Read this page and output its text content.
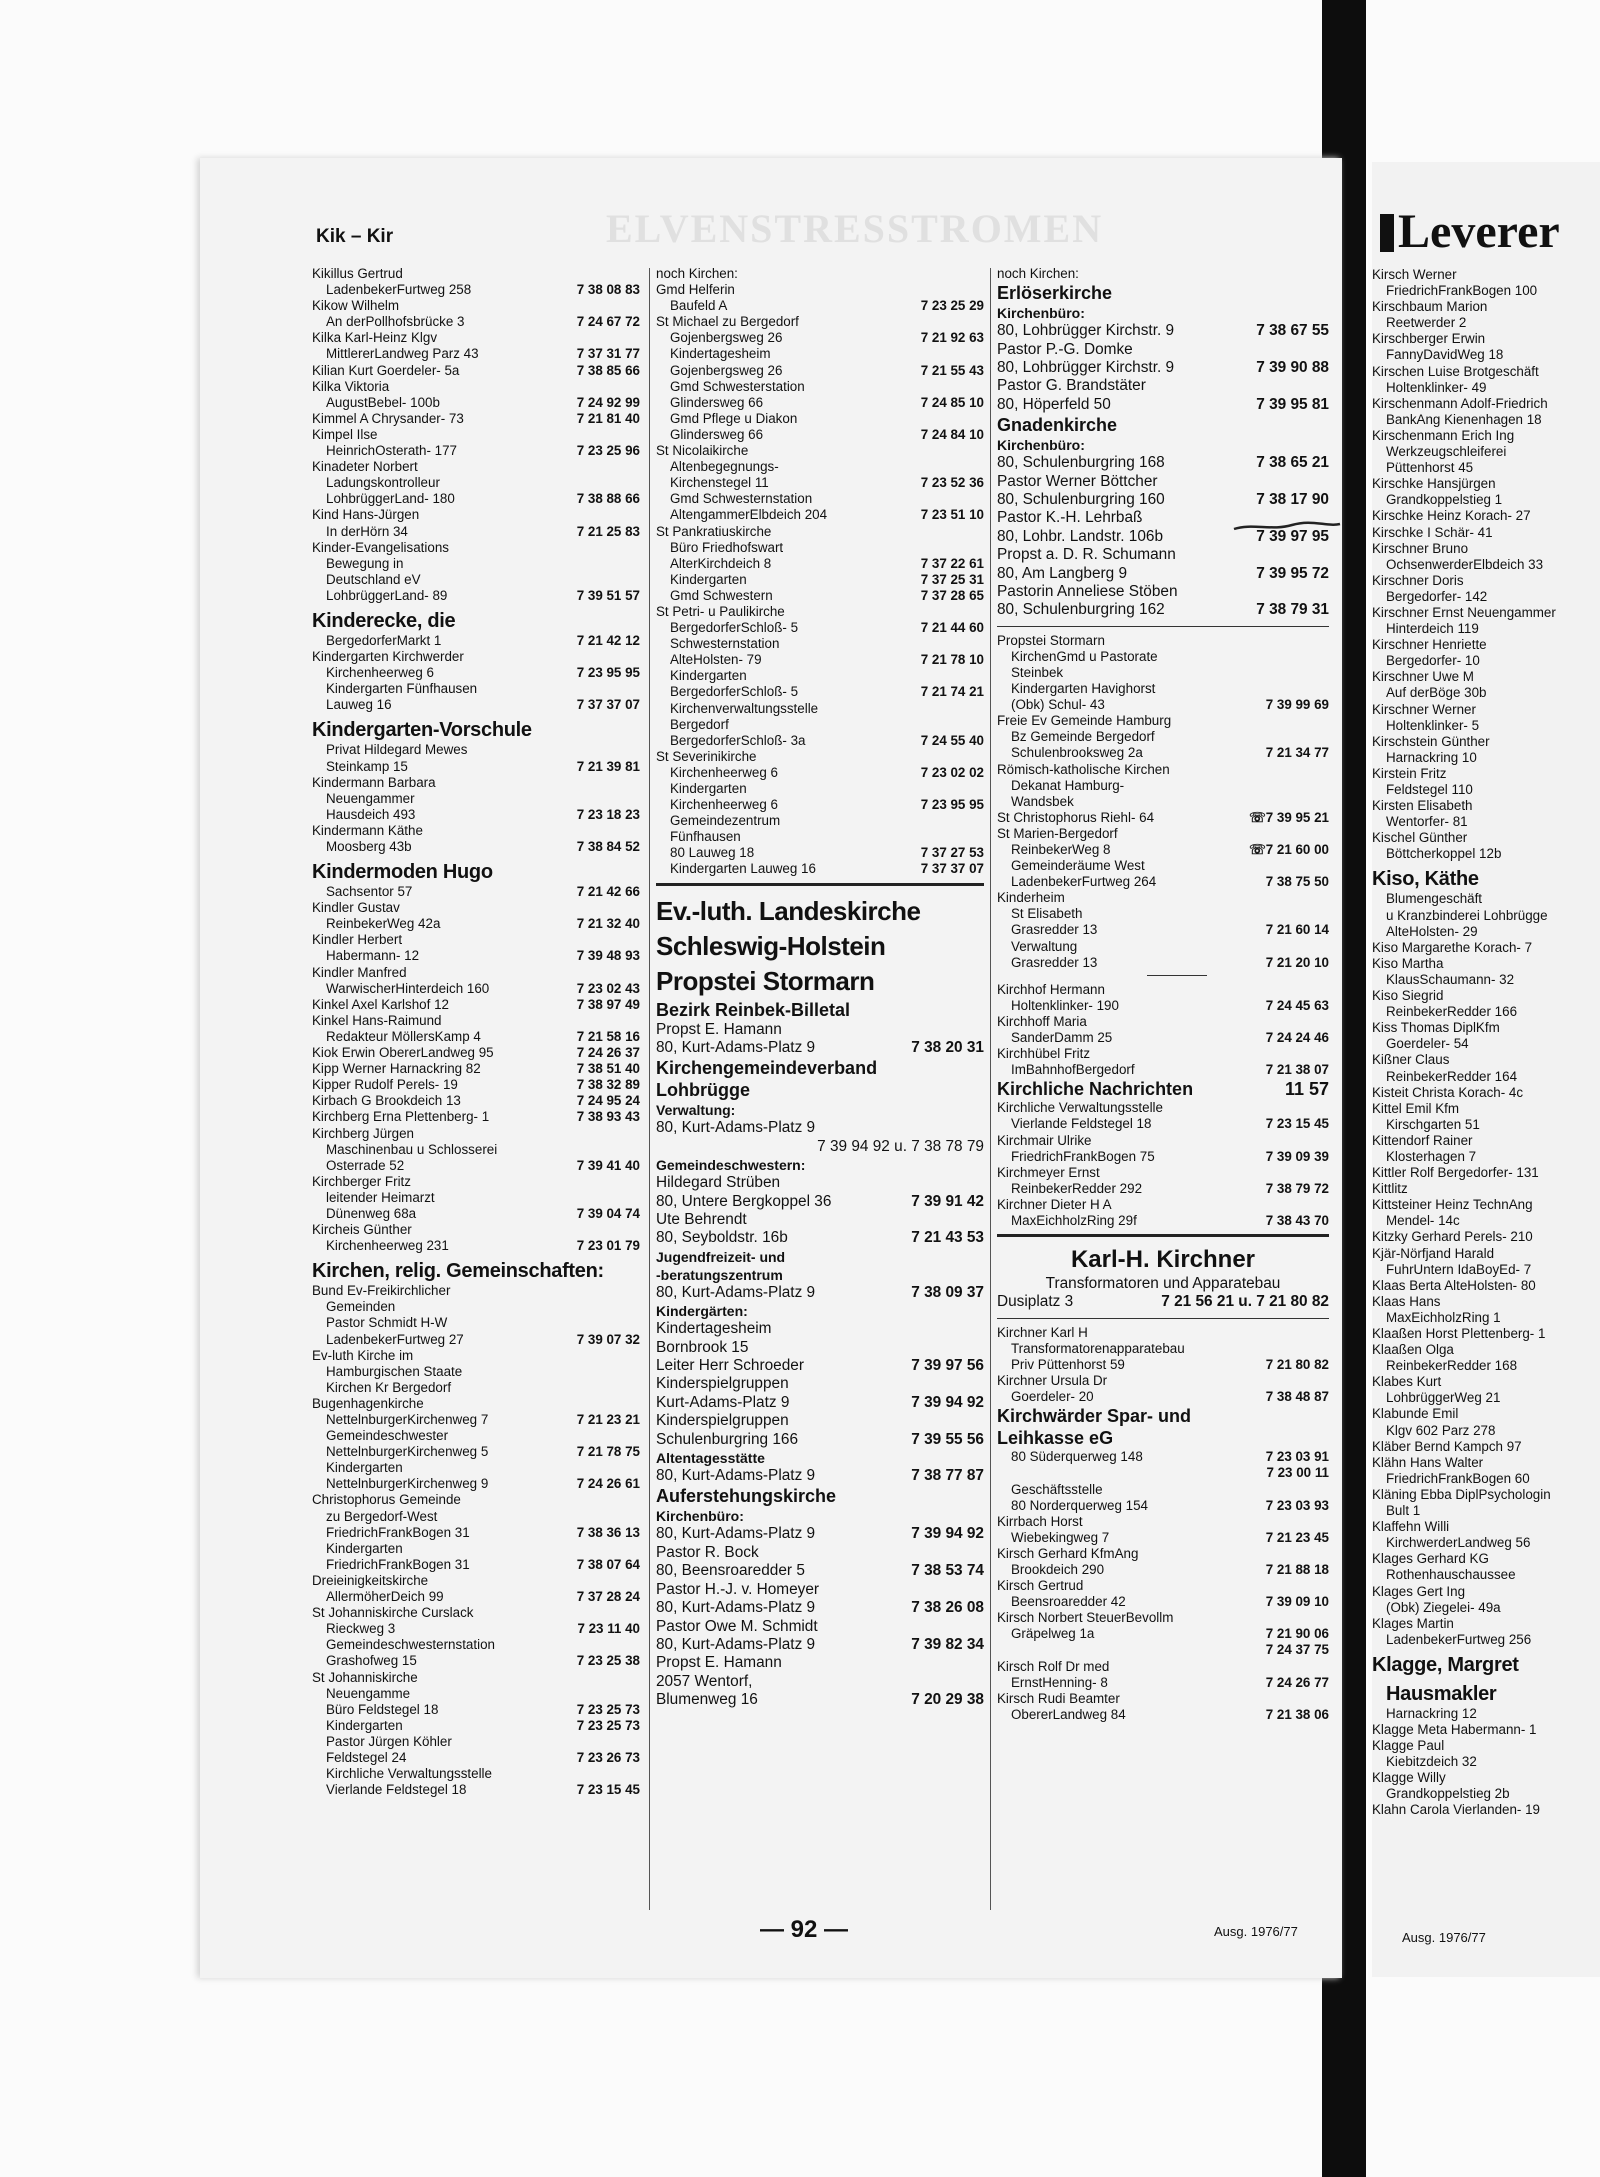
ELVENSTRESSTROMEN
Kik – Kir
Kikillus Gertrud
LadenbekerFurtweg 258	7 38 08 83
Kikow Wilhelm
An derPollhofsbrücke 3	7 24 67 72
Kilka Karl-Heinz Klgv
MittlererLandweg Parz 43	7 37 31 77
Kilian Kurt Goerdeler- 5a	7 38 85 66
Kilka Viktoria
AugustBebel- 100b	7 24 92 99
Kimmel A Chrysander- 73	7 21 81 40
Kimpel Ilse
HeinrichOsterath- 177	7 23 25 96
Kinadeter Norbert
Ladungskontrolleur
LohbrüggerLand- 180	7 38 88 66
Kind Hans-Jürgen
In derHörn 34	7 21 25 83
Kinder-Evangelisations
Bewegung in
Deutschland eV
LohbrüggerLand- 89	7 39 51 57
Kinderecke, die
BergedorferMarkt 1	7 21 42 12
Kindergarten Kirchwerder
Kirchenheerweg 6	7 23 95 95
Kindergarten Fünfhausen
Lauweg 16	7 37 37 07
Kindergarten-Vorschule
Privat Hildegard Mewes
Steinkamp 15	7 21 39 81
Kindermann Barbara
Neuengammer
Hausdeich 493	7 23 18 23
Kindermann Käthe
Moosberg 43b	7 38 84 52
Kindermoden Hugo
Sachsentor 57	7 21 42 66
Kindler Gustav
ReinbekerWeg 42a	7 21 32 40
Kindler Herbert
Habermann- 12	7 39 48 93
Kindler Manfred
WarwischerHinterdeich 160	7 23 02 43
Kinkel Axel Karlshof 12	7 38 97 49
Kinkel Hans-Raimund
Redakteur MöllersKamp 4	7 21 58 16
Kiok Erwin ObererLandweg 95	7 24 26 37
Kipp Werner Harnackring 82	7 38 51 40
Kipper Rudolf Perels- 19	7 38 32 89
Kirbach G Brookdeich 13	7 24 95 24
Kirchberg Erna Plettenberg- 1	7 38 93 43
Kirchberg Jürgen
Maschinenbau u Schlosserei
Osterrade 52	7 39 41 40
Kirchberger Fritz
leitender Heimarzt
Dünenweg 68a	7 39 04 74
Kircheis Günther
Kirchenheerweg 231	7 23 01 79
Kirchen, relig. Gemeinschaften:
Bund Ev-Freikirchlicher
Gemeinden
Pastor Schmidt H-W
LadenbekerFurtweg 27	7 39 07 32
Ev-luth Kirche im
Hamburgischen Staate
Kirchen Kr Bergedorf
Bugenhagenkirche
NettelnburgerKirchenweg 7	7 21 23 21
Gemeindeschwester
NettelnburgerKirchenweg 5	7 21 78 75
Kindergarten
NettelnburgerKirchenweg 9	7 24 26 61
Christophorus Gemeinde
zu Bergedorf-West
FriedrichFrankBogen 31	7 38 36 13
Kindergarten
FriedrichFrankBogen 31	7 38 07 64
Dreieinigkeitskirche
AllermöherDeich 99	7 37 28 24
St Johanniskirche Curslack
Rieckweg 3	7 23 11 40
Gemeindeschwesternstation
Grashofweg 15	7 23 25 38
St Johanniskirche
Neuengamme
Büro Feldstegel 18	7 23 25 73
Kindergarten	7 23 25 73
Pastor Jürgen Köhler
Feldstegel 24	7 23 26 73
Kirchliche Verwaltungsstelle
Vierlande Feldstegel 18	7 23 15 45
noch Kirchen:
Gmd Helferin
Baufeld A	7 23 25 29
St Michael zu Bergedorf
Gojenbergsweg 26	7 21 92 63
Kindertagesheim
Gojenbergsweg 26	7 21 55 43
Gmd Schwesterstation
Glindersweg 66	7 24 85 10
Gmd Pflege u Diakon
Glindersweg 66	7 24 84 10
St Nicolaikirche
Altenbegegnungs-
Kirchenstegel 11	7 23 52 36
Gmd Schwesternstation
AltengammerElbdeich 204	7 23 51 10
St Pankratiuskirche
Büro Friedhofswart
AlterKirchdeich 8	7 37 22 61
Kindergarten	7 37 25 31
Gmd Schwestern	7 37 28 65
St Petri- u Paulikirche
BergedorferSchloß- 5	7 21 44 60
Schwesternstation
AlteHolsten- 79	7 21 78 10
Kindergarten
BergedorferSchloß- 5	7 21 74 21
Kirchenverwaltungsstelle
Bergedorf
BergedorferSchloß- 3a	7 24 55 40
St Severinikirche
Kirchenheerweg 6	7 23 02 02
Kindergarten
Kirchenheerweg 6	7 23 95 95
Gemeindezentrum
Fünfhausen
80 Lauweg 18	7 37 27 53
Kindergarten Lauweg 16	7 37 37 07
Ev.-luth. Landeskirche
Schleswig-Holstein
Propstei Stormarn
Bezirk Reinbek-Billetal
Propst E. Hamann
80, Kurt-Adams-Platz 9	7 38 20 31
Kirchengemeindeverband
Lohbrügge
Verwaltung:
80, Kurt-Adams-Platz 9
7 39 94 92 u. 7 38 78 79
Gemeindeschwestern:
Hildegard Strüben
80, Untere Bergkoppel 36	7 39 91 42
Ute Behrendt
80, Seyboldstr. 16b	7 21 43 53
Jugendfreizeit- und
-beratungszentrum
80, Kurt-Adams-Platz 9	7 38 09 37
Kindergärten:
Kindertagesheim
Bornbrook 15
Leiter Herr Schroeder	7 39 97 56
Kinderspielgruppen
Kurt-Adams-Platz 9	7 39 94 92
Kinderspielgruppen
Schulenburgring 166	7 39 55 56
Altentagesstätte
80, Kurt-Adams-Platz 9	7 38 77 87
Auferstehungskirche
Kirchenbüro:
80, Kurt-Adams-Platz 9	7 39 94 92
Pastor R. Bock
80, Beensroaredder 5	7 38 53 74
Pastor H.-J. v. Homeyer
80, Kurt-Adams-Platz 9	7 38 26 08
Pastor Owe M. Schmidt
80, Kurt-Adams-Platz 9	7 39 82 34
Propst E. Hamann
2057 Wentorf,
Blumenweg 16	7 20 29 38
noch Kirchen:
Erlöserkirche
Kirchenbüro:
80, Lohbrügger Kirchstr. 9	7 38 67 55
Pastor P.-G. Domke
80, Lohbrügger Kirchstr. 9	7 39 90 88
Pastor G. Brandstäter
80, Höperfeld 50	7 39 95 81
Gnadenkirche
Kirchenbüro:
80, Schulenburgring 168	7 38 65 21
Pastor Werner Böttcher
80, Schulenburgring 160	7 38 17 90
Pastor K.-H. Lehrbaß
80, Lohbr. Landstr. 106b	7 39 97 95
Propst a. D. R. Schumann
80, Am Langberg 9	7 39 95 72
Pastorin Anneliese Stöben
80, Schulenburgring 162	7 38 79 31
Propstei Stormarn
KirchenGmd u Pastorate
Steinbek
Kindergarten Havighorst
(Obk) Schul- 43	7 39 99 69
Freie Ev Gemeinde Hamburg
Bz Gemeinde Bergedorf
Schulenbrooksweg 2a	7 21 34 77
Römisch-katholische Kirchen
Dekanat Hamburg-
Wandsbek
St Christophorus Riehl- 64	☏7 39 95 21
St Marien-Bergedorf
ReinbekerWeg 8	☏7 21 60 00
Gemeinderäume West
LadenbekerFurtweg 264	7 38 75 50
Kinderheim
St Elisabeth
Grasredder 13	7 21 60 14
Verwaltung
Grasredder 13	7 21 20 10
Kirchhof Hermann
Holtenklinker- 190	7 24 45 63
Kirchhoff Maria
SanderDamm 25	7 24 24 46
Kirchhübel Fritz
ImBahnhofBergedorf	7 21 38 07
Kirchliche Nachrichten	11 57
Kirchliche Verwaltungsstelle
Vierlande Feldstegel 18	7 23 15 45
Kirchmair Ulrike
FriedrichFrankBogen 75	7 39 09 39
Kirchmeyer Ernst
ReinbekerRedder 292	7 38 79 72
Kirchner Dieter H A
MaxEichholzRing 29f	7 38 43 70
Karl-H. Kirchner
Transformatoren und Apparatebau
Dusiplatz 3	7 21 56 21 u. 7 21 80 82
Kirchner Karl H
Transformatorenapparatebau
Priv Püttenhorst 59	7 21 80 82
Kirchner Ursula Dr
Goerdeler- 20	7 38 48 87
Kirchwärder Spar- und
Leihkasse eG
80 Süderquerweg 148	7 23 03 91
7 23 00 11
Geschäftsstelle
80 Norderquerweg 154	7 23 03 93
Kirrbach Horst
Wiebekingweg 7	7 21 23 45
Kirsch Gerhard KfmAng
Brookdeich 290	7 21 88 18
Kirsch Gertrud
Beensroaredder 42	7 39 09 10
Kirsch Norbert SteuerBevollm
Gräpelweg 1a	7 21 90 06
7 24 37 75
Kirsch Rolf Dr med
ErnstHenning- 8	7 24 26 77
Kirsch Rudi Beamter
ObererLandweg 84	7 21 38 06
— 92 —	Ausg. 1976/77
Kirsch Werner
FriedrichFrankBogen 100
Kirschbaum Marion
Reetwerder 2
Kirschberger Erwin
FannyDavidWeg 18
Kirschen Luise Brotgeschäft
Holtenklinker- 49
Kirschenmann Adolf-Friedrich
BankAng Kienenhagen 18
Kirschenmann Erich Ing
Werkzeugschleiferei
Püttenhorst 45
Kirschke Hansjürgen
Grandkoppelstieg 1
Kirschke Heinz Korach- 27
Kirschke I Schär- 41
Kirschner Bruno
OchsenwerderElbdeich 33
Kirschner Doris
Bergedorfer- 142
Kirschner Ernst Neuengammer
Hinterdeich 119
Kirschner Henriette
Bergedorfer- 10
Kirschner Uwe M
Auf derBöge 30b
Kirschner Werner
Holtenklinker- 5
Kirschstein Günther
Harnackring 10
Kirstein Fritz
Feldstegel 110
Kirsten Elisabeth
Wentorfer- 81
Kischel Günther
Böttcherkoppel 12b
Kiso, Käthe
Blumengeschäft
u Kranzbinderei Lohbrügge
AlteHolsten- 29
Kiso Margarethe Korach- 7
Kiso Martha
KlausSchaumann- 32
Kiso Siegrid
ReinbekerRedder 166
Kiss Thomas DiplKfm
Goerdeler- 54
Kißner Claus
ReinbekerRedder 164
Kisteit Christa Korach- 4c
Kittel Emil Kfm
Kirschgarten 51
Kittendorf Rainer
Klosterhagen 7
Kittler Rolf Bergedorfer- 131
Kittlitz
Kittsteiner Heinz TechnAng
Mendel- 14c
Kitzky Gerhard Perels- 210
Kjär-Nörfjand Harald
FuhrUntern IdaBoyEd- 7
Klaas Berta AlteHolsten- 80
Klaas Hans
MaxEichholzRing 1
Klaaßen Horst Plettenberg- 1
Klaaßen Olga
ReinbekerRedder 168
Klabes Kurt
LohbrüggerWeg 21
Klabunde Emil
Klgv 602 Parz 278
Kläber Bernd Kampch 97
Klähn Hans Walter
FriedrichFrankBogen 60
Kläning Ebba DiplPsychologin
Bult 1
Klaffehn Willi
KirchwerderLandweg 56
Klages Gerhard KG
Rothenhauschaussee
Klages Gert Ing
(Obk) Ziegelei- 49a
Klages Martin
LadenbekerFurtweg 256
Klagge, Margret
Hausmakler
Harnackring 12
Klagge Meta Habermann- 1
Klagge Paul
Kiebitzdeich 32
Klagge Willy
Grandkoppelstieg 2b
Klahn Carola Vierlanden- 19
Leverer
Ausg. 1976/77
